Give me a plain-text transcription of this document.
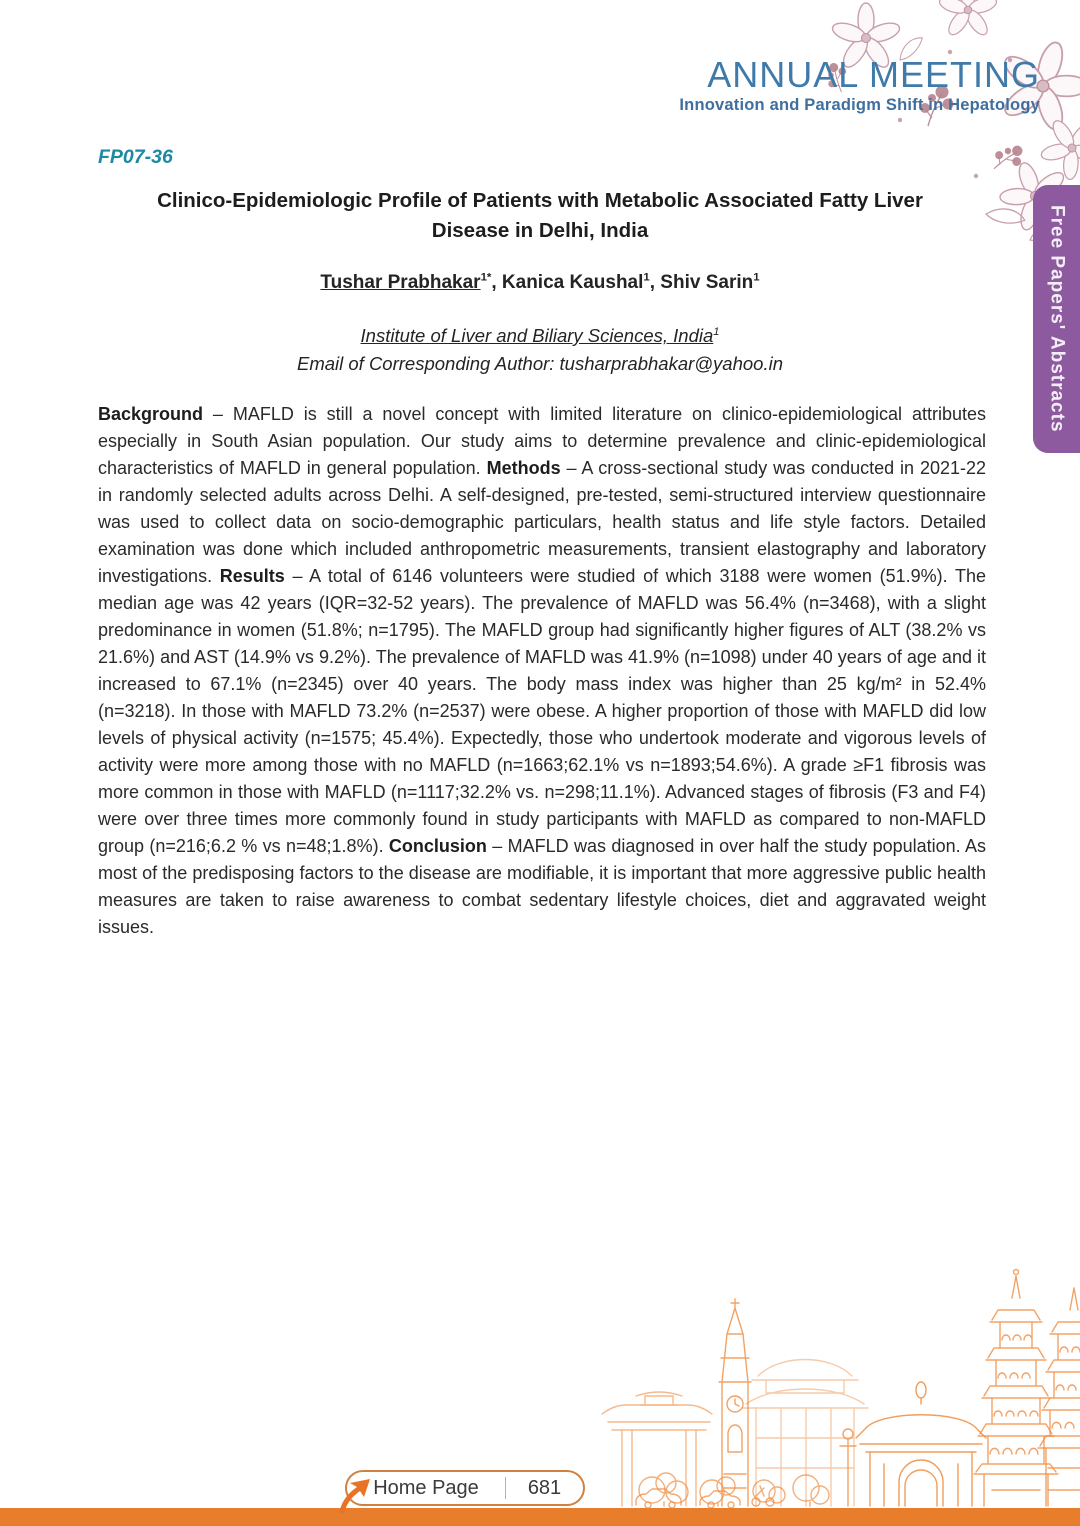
ANNUAL MEETING
Innovation and Paradigm Shift in Hepatology
Free Papers' Abstracts
FP07-36
Clinico-Epidemiologic Profile of Patients with Metabolic Associated Fatty Liver
Disease in Delhi, India
Tushar Prabhakar$^{1*}$, Kanica Kaushal$^1$, Shiv Sarin$^1$
Institute of Liver and Biliary Sciences, India$^1$
Email of Corresponding Author: tusharprabhakar@yahoo.in
Background – MAFLD is still a novel concept with limited literature on clinico-epidemiological attributes especially in South Asian population. Our study aims to determine prevalence and clinic-epidemiological characteristics of MAFLD in general population. Methods – A cross-sectional study was conducted in 2021-22 in randomly selected adults across Delhi. A self-designed, pre-tested, semi-structured interview questionnaire was used to collect data on socio-demographic particulars, health status and life style factors. Detailed examination was done which included anthropometric measurements, transient elastography and laboratory investigations. Results – A total of 6146 volunteers were studied of which 3188 were women (51.9%). The median age was 42 years (IQR=32-52 years). The prevalence of MAFLD was 56.4% (n=3468), with a slight predominance in women (51.8%; n=1795). The MAFLD group had significantly higher figures of ALT (38.2% vs 21.6%) and AST (14.9% vs 9.2%). The prevalence of MAFLD was 41.9% (n=1098) under 40 years of age and it increased to 67.1% (n=2345) over 40 years. The body mass index was higher than 25 kg/m² in 52.4% (n=3218). In those with MAFLD 73.2% (n=2537) were obese. A higher proportion of those with MAFLD did low levels of physical activity (n=1575; 45.4%). Expectedly, those who undertook moderate and vigorous levels of activity were more among those with no MAFLD (n=1663;62.1% vs n=1893;54.6%). A grade ≥F1 fibrosis was more common in those with MAFLD (n=1117;32.2% vs. n=298;11.1%). Advanced stages of fibrosis (F3 and F4) were over three times more commonly found in study participants with MAFLD as compared to non-MAFLD group (n=216;6.2 % vs n=48;1.8%). Conclusion – MAFLD was diagnosed in over half the study population. As most of the predisposing factors to the disease are modifiable, it is important that more aggressive public health measures are taken to raise awareness to combat sedentary lifestyle choices, diet and aggravated weight issues.
Home Page	681
